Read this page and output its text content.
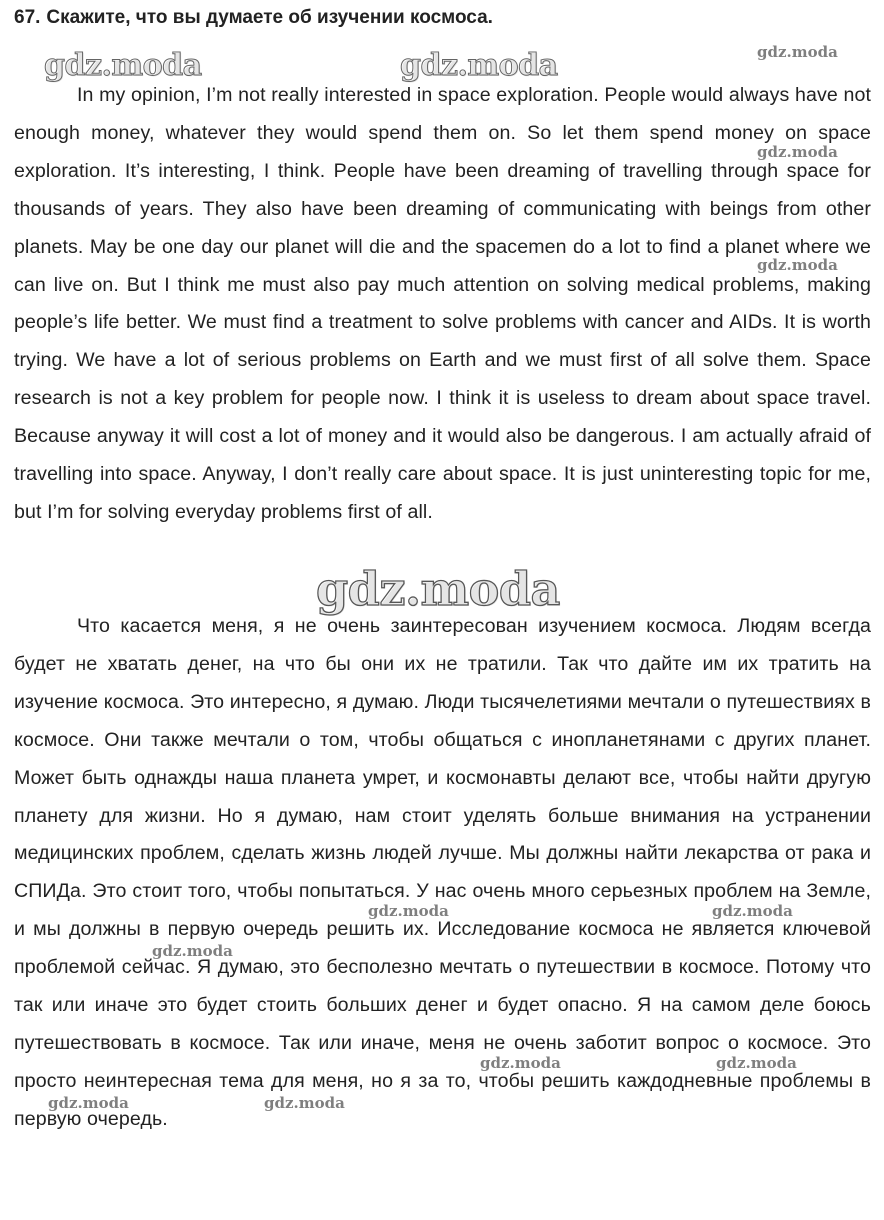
67. Скажите, что вы думаете об изучении космоса.

In my opinion, I’m not really interested in space exploration. People would always have not enough money, whatever they would spend them on. So let them spend money on space exploration. It’s interesting, I think. People have been dreaming of travelling through space for thousands of years. They also have been dreaming of communicating with beings from other planets. May be one day our planet will die and the spacemen do a lot to find a planet where we can live on. But I think me must also pay much attention on solving medical problems, making people’s life better. We must find a treatment to solve problems with cancer and AIDs. It is worth trying. We have a lot of serious problems on Earth and we must first of all solve them. Space research is not a key problem for people now. I think it is useless to dream about space travel. Because anyway it will cost a lot of money and it would also be dangerous. I am actually afraid of travelling into space. Anyway, I don’t really care about space. It is just uninteresting topic for me, but I’m for solving everyday problems first of all.

Что касается меня, я не очень заинтересован изучением космоса. Людям всегда будет не хватать денег, на что бы они их не тратили. Так что дайте им их тратить на изучение космоса. Это интересно, я думаю. Люди тысячелетиями мечтали о путешествиях в космосе. Они также мечтали о том, чтобы общаться с инопланетянами с других планет. Может быть однажды наша планета умрет, и космонавты делают все, чтобы найти другую планету для жизни. Но я думаю, нам стоит уделять больше внимания на устранении медицинских проблем, сделать жизнь людей лучше. Мы должны найти лекарства от рака и СПИДа. Это стоит того, чтобы попытаться. У нас очень много серьезных проблем на Земле, и мы должны в первую очередь решить их. Исследование космоса не является ключевой проблемой сейчас. Я думаю, это бесполезно мечтать о путешествии в космосе. Потому что так или иначе это будет стоить больших денег и будет опасно. Я на самом деле боюсь путешествовать в космосе. Так или иначе, меня не очень заботит вопрос о космосе. Это просто неинтересная тема для меня, но я за то, чтобы решить каждодневные проблемы в первую очередь.

gdz.moda	gdz.moda	gdz.moda
gdz.moda
gdz.moda
gdz.moda
gdz.moda	gdz.moda
gdz.moda
gdz.moda	gdz.moda
gdz.moda	gdz.moda
